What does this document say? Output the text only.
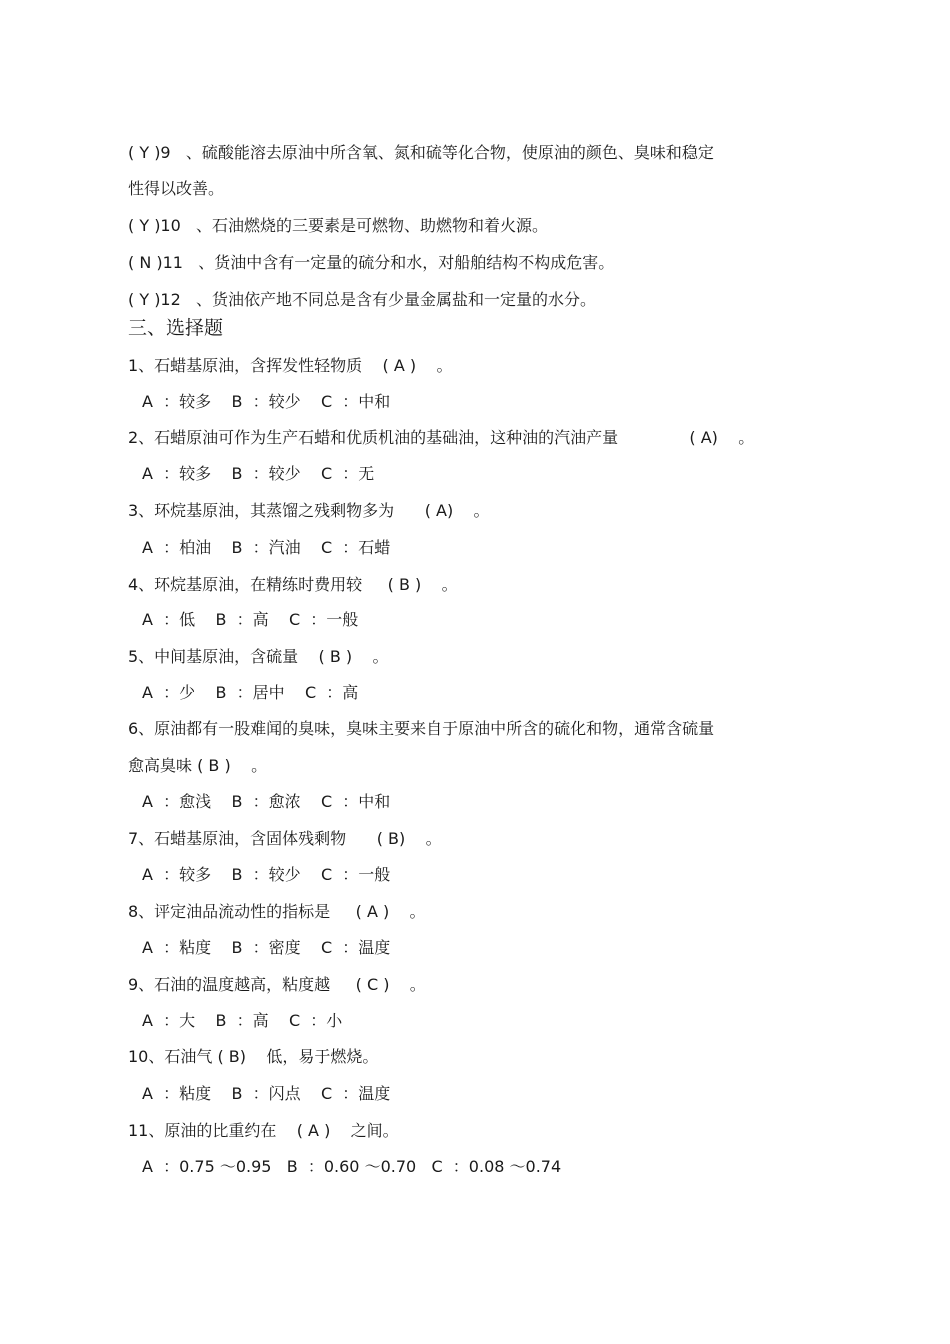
( Y )9   、硫酸能溶去原油中所含氧、氮和硫等化合物，使原油的颜色、臭味和稳定
性得以改善。
( Y )10   、石油燃烧的三要素是可燃物、助燃物和着火源。
( N )11   、货油中含有一定量的硫分和水，对船舶结构不构成危害。
( Y )12   、货油依产地不同总是含有少量金属盐和一定量的水分。
三、选择题
1、石蜡基原油，含挥发性轻物质    ( A )    。
A  ：较多    B  ：较少    C  ：中和
2、石蜡原油可作为生产石蜡和优质机油的基础油，这种油的汽油产量              ( A)    。
A  ：较多    B  ：较少    C  ：无
3、环烷基原油，其蒸馏之残剩物多为      ( A)    。
A  ：柏油    B  ：汽油    C  ：石蜡
4、环烷基原油，在精练时费用较     ( B )    。
A  ：低    B  ：高    C  ：一般
5、中间基原油，含硫量    ( B )    。
A  ：少    B  ：居中    C  ：高
6、原油都有一股难闻的臭味，臭味主要来自于原油中所含的硫化和物，通常含硫量
愈高臭味 ( B )    。
A  ：愈浅    B  ：愈浓    C  ：中和
7、石蜡基原油，含固体残剩物      ( B)    。
A  ：较多    B  ：较少    C  ：一般
8、评定油品流动性的指标是     ( A )    。
A  ：粘度    B  ：密度    C  ：温度
9、石油的温度越高，粘度越     ( C )    。
A  ：大    B  ：高    C  ：小
10、石油气 ( B)    低，易于燃烧。
A  ：粘度    B  ：闪点    C  ：温度
11、原油的比重约在    ( A )    之间。
A  ：0.75 ～0.95   B  ：0.60 ～0.70   C  ：0.08 ～0.74
